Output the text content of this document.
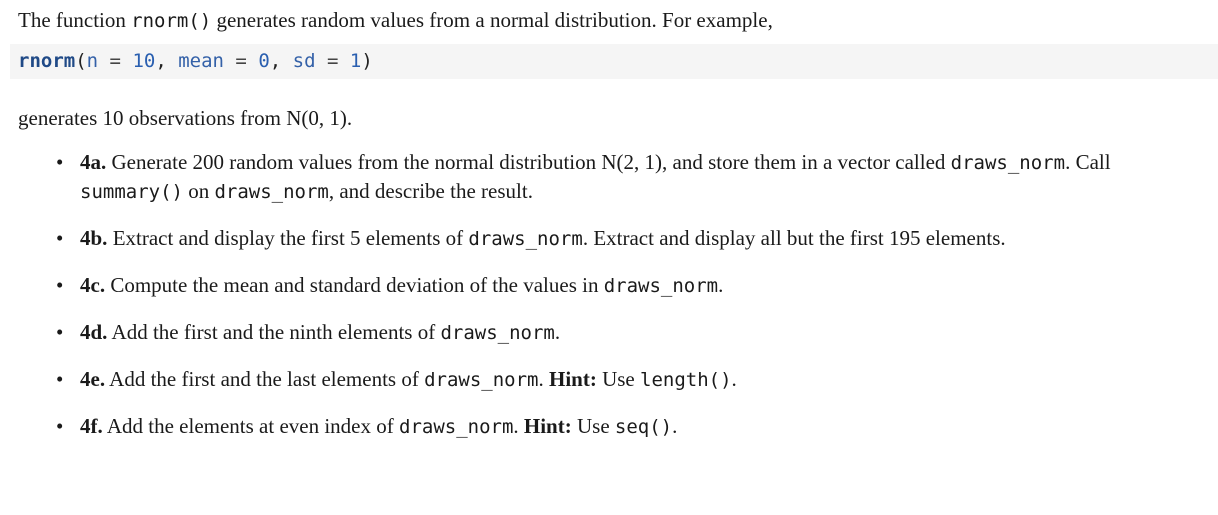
The function rnorm() generates random values from a normal distribution. For example,

rnorm(n = 10, mean = 0, sd = 1)

generates 10 observations from N(0, 1).

• 4a. Generate 200 random values from the normal distribution N(2, 1), and store them in a vector called draws_norm. Call summary() on draws_norm, and describe the result.
• 4b. Extract and display the first 5 elements of draws_norm. Extract and display all but the first 195 elements.
• 4c. Compute the mean and standard deviation of the values in draws_norm.
• 4d. Add the first and the ninth elements of draws_norm.
• 4e. Add the first and the last elements of draws_norm. Hint: Use length().
• 4f. Add the elements at even index of draws_norm. Hint: Use seq().
